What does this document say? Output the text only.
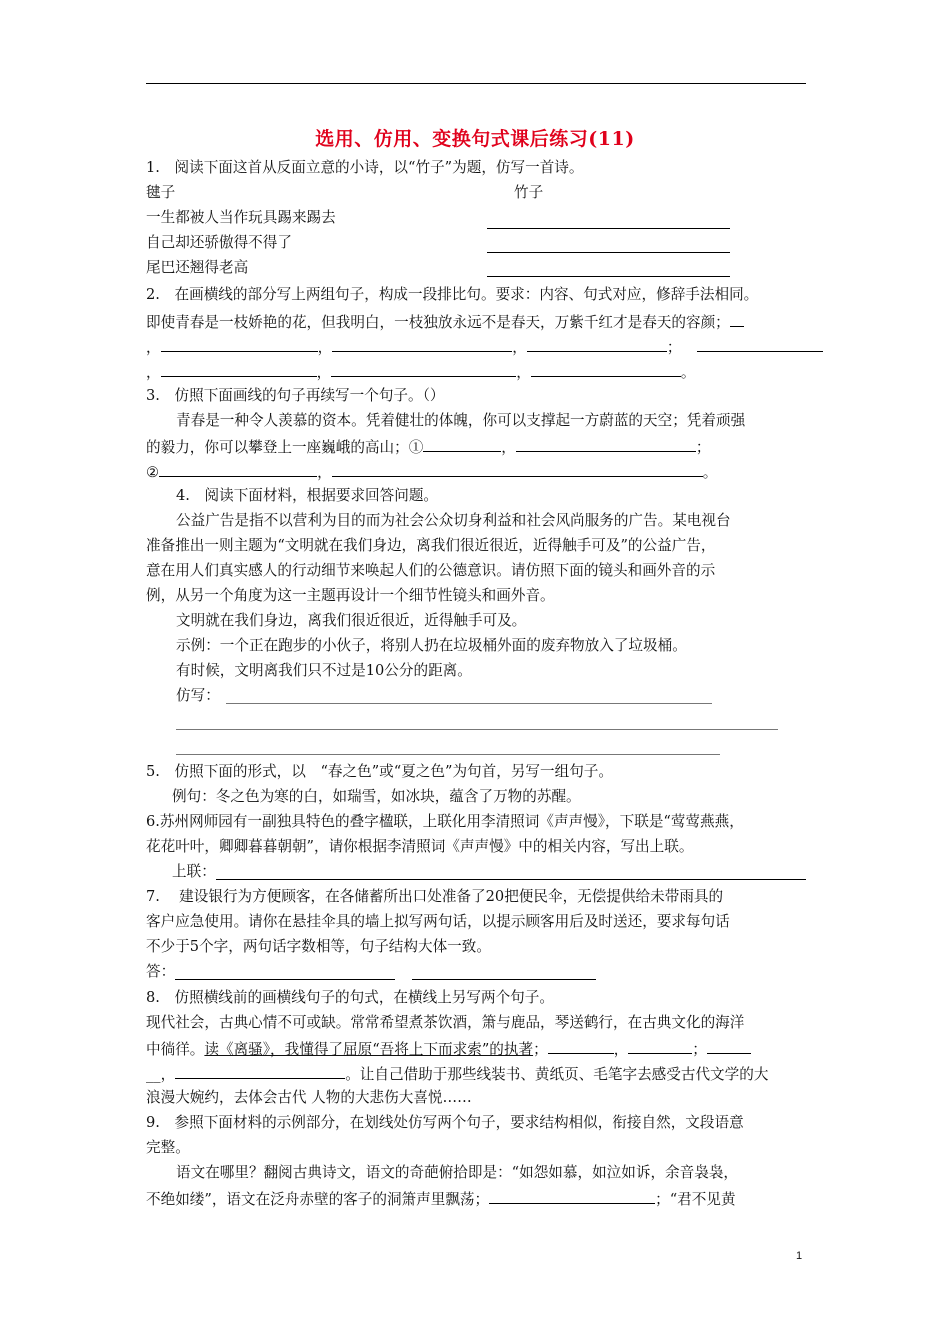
选用、仿用、变换句式课后练习(11)
1.　阅读下面这首从反面立意的小诗，以“竹子”为题，仿写一首诗。
毽子	竹子
一生都被人当作玩具踢来踢去
自己却还骄傲得不得了
尾巴还翘得老高
2.　在画横线的部分写上两组句子，构成一段排比句。要求：内容、句式对应，修辞手法相同。
即使青春是一枝娇艳的花，但我明白，一枝独放永远不是春天，万紫千红才是春天的容颜；
，	，	，	；
，	，	，	。
3.　仿照下面画线的句子再续写一个句子。（）
青春是一种令人羡慕的资本。凭着健壮的体魄，你可以支撑起一方蔚蓝的天空；凭着顽强
的毅力，你可以攀登上一座巍峨的高山；①	，	；
②	，	。
4.　阅读下面材料，根据要求回答问题。
公益广告是指不以营利为目的而为社会公众切身利益和社会风尚服务的广告。某电视台
准备推出一则主题为“文明就在我们身边，离我们很近很近，近得触手可及”的公益广告，
意在用人们真实感人的行动细节来唤起人们的公德意识。请仿照下面的镜头和画外音的示
例，从另一个角度为这一主题再设计一个细节性镜头和画外音。
文明就在我们身边，离我们很近很近，近得触手可及。
示例：一个正在跑步的小伙子，将别人扔在垃圾桶外面的废弃物放入了垃圾桶。
有时候，文明离我们只不过是10公分的距离。
仿写：
5.　仿照下面的形式，以　“春之色”或“夏之色”为句首，另写一组句子。
例句：冬之色为寒的白，如瑞雪，如冰块，蕴含了万物的苏醒。
6.苏州网师园有一副独具特色的叠字楹联，上联化用李清照词《声声慢》，下联是“莺莺燕燕，
花花叶叶，卿卿暮暮朝朝”，请你根据李清照词《声声慢》中的相关内容，写出上联。
上联：
7.　 建设银行为方便顾客，在各储蓄所出口处准备了20把便民伞，无偿提供给未带雨具的
客户应急使用。请你在悬挂伞具的墙上拟写两句话，以提示顾客用后及时送还，要求每句话
不少于5个字，两句话字数相等，句子结构大体一致。
答：
8.　仿照横线前的画横线句子的句式，在横线上另写两个句子。
现代社会，古典心情不可或缺。常常希望煮茶饮酒，箫与鹿品，琴送鹤行，在古典文化的海洋
中徜徉。读《离骚》，我懂得了屈原“吾将上下而求索”的执著；	，	；
__，	。让自己借助于那些线装书、黄纸页、毛笔字去感受古代文学的大
浪漫大婉约，去体会古代 人物的大悲伤大喜悦……
9.　参照下面材料的示例部分，在划线处仿写两个句子，要求结构相似，衔接自然，文段语意
完整。
语文在哪里？翻阅古典诗文，语文的奇葩俯拾即是：“如怨如慕，如泣如诉，余音袅袅，
不绝如缕”，语文在泛舟赤壁的客子的洞箫声里飘荡；	；“君不见黄
1
